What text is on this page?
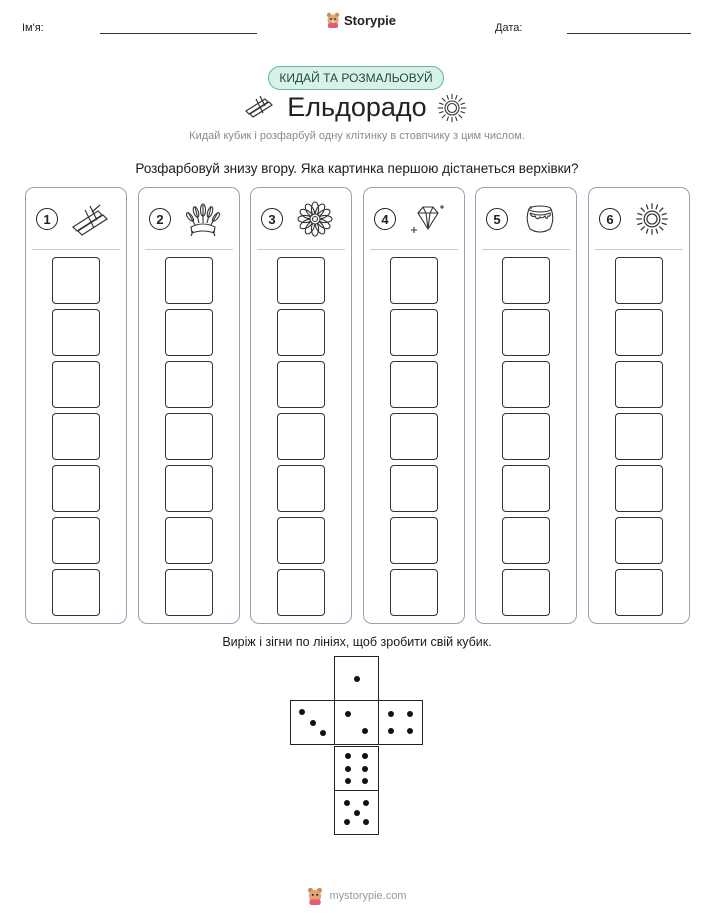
Ім'я:
Storypie
Дата:
КИДАЙ ТА РОЗМАЛЬОВУЙ
Ельдорадо
Кидай кубик і розфарбуй одну клітинку в стовпчику з цим числом.
Розфарбовуй знизу вгору. Яка картинка першою дістанеться верхівки?
1	2	3	4	5	6
Виріж і зігни по лініях, щоб зробити свій кубик.
mystorypie.com
